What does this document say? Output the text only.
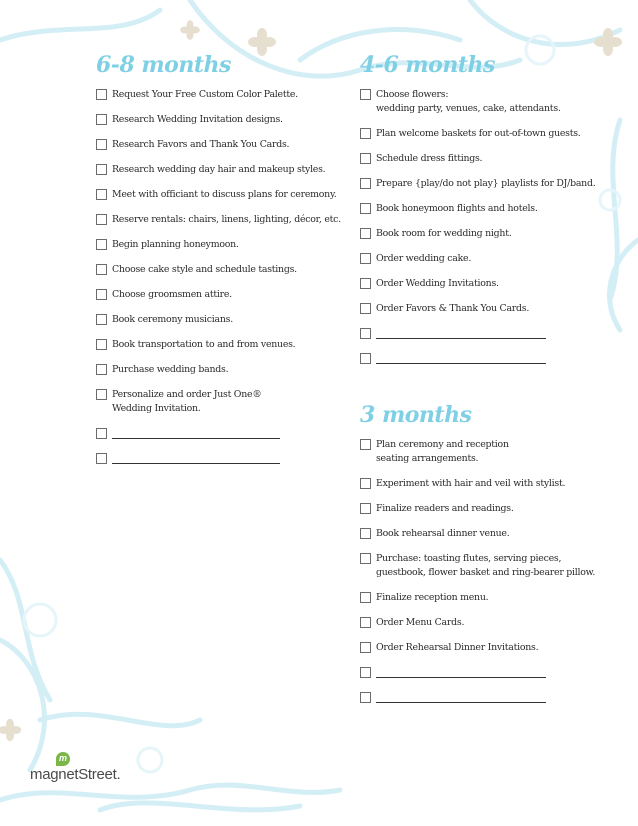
6-8 months
Request Your Free Custom Color Palette.
Research Wedding Invitation designs.
Research Favors and Thank You Cards.
Research wedding day hair and makeup styles.
Meet with officiant to discuss plans for ceremony.
Reserve rentals: chairs, linens, lighting, décor, etc.
Begin planning honeymoon.
Choose cake style and schedule tastings.
Choose groomsmen attire.
Book ceremony musicians.
Book transportation to and from venues.
Purchase wedding bands.
Personalize and order Just One®
Wedding Invitation.
4-6 months
Choose flowers:
wedding party, venues, cake, attendants.
Plan welcome baskets for out-of-town guests.
Schedule dress fittings.
Prepare {play/do not play} playlists for DJ/band.
Book honeymoon flights and hotels.
Book room for wedding night.
Order wedding cake.
Order Wedding Invitations.
Order Favors & Thank You Cards.
3 months
Plan ceremony and reception
seating arrangements.
Experiment with hair and veil with stylist.
Finalize readers and readings.
Book rehearsal dinner venue.
Purchase: toasting flutes, serving pieces,
guestbook, flower basket and ring-bearer pillow.
Finalize reception menu.
Order Menu Cards.
Order Rehearsal Dinner Invitations.
m
magnetStreet.
